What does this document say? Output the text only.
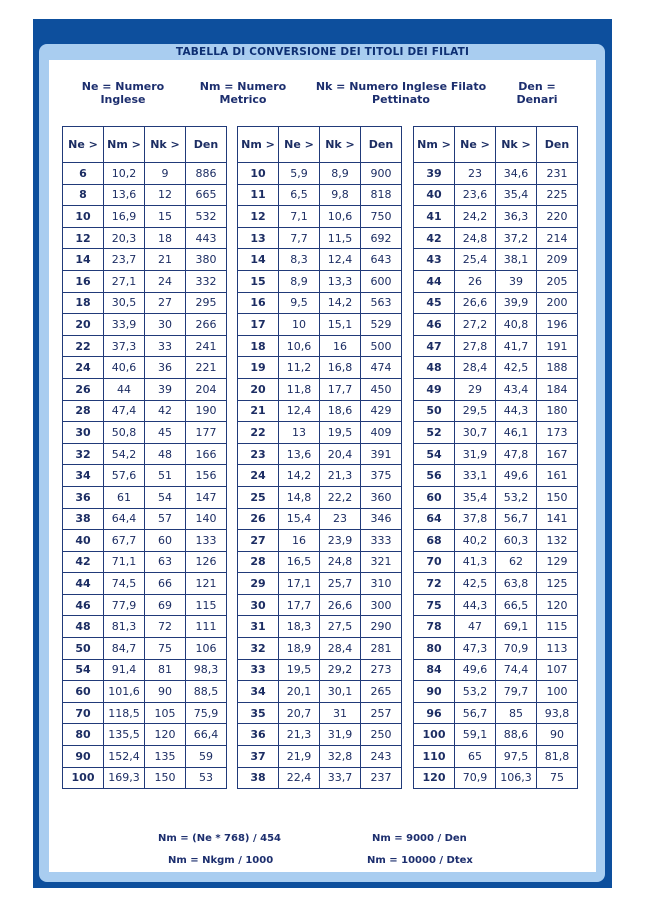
TABELLA DI CONVERSIONE DEI TITOLI DEI FILATI
Ne = Numero
Inglese
Nm = Numero
Metrico
Nk = Numero Inglese Filato
Pettinato
Den =
Denari
Ne >	Nm >	Nk >	Den
6	10,2	9	886
8	13,6	12	665
10	16,9	15	532
12	20,3	18	443
14	23,7	21	380
16	27,1	24	332
18	30,5	27	295
20	33,9	30	266
22	37,3	33	241
24	40,6	36	221
26	44	39	204
28	47,4	42	190
30	50,8	45	177
32	54,2	48	166
34	57,6	51	156
36	61	54	147
38	64,4	57	140
40	67,7	60	133
42	71,1	63	126
44	74,5	66	121
46	77,9	69	115
48	81,3	72	111
50	84,7	75	106
54	91,4	81	98,3
60	101,6	90	88,5
70	118,5	105	75,9
80	135,5	120	66,4
90	152,4	135	59
100	169,3	150	53
Nm >	Ne >	Nk >	Den
10	5,9	8,9	900
11	6,5	9,8	818
12	7,1	10,6	750
13	7,7	11,5	692
14	8,3	12,4	643
15	8,9	13,3	600
16	9,5	14,2	563
17	10	15,1	529
18	10,6	16	500
19	11,2	16,8	474
20	11,8	17,7	450
21	12,4	18,6	429
22	13	19,5	409
23	13,6	20,4	391
24	14,2	21,3	375
25	14,8	22,2	360
26	15,4	23	346
27	16	23,9	333
28	16,5	24,8	321
29	17,1	25,7	310
30	17,7	26,6	300
31	18,3	27,5	290
32	18,9	28,4	281
33	19,5	29,2	273
34	20,1	30,1	265
35	20,7	31	257
36	21,3	31,9	250
37	21,9	32,8	243
38	22,4	33,7	237
Nm >	Ne >	Nk >	Den
39	23	34,6	231
40	23,6	35,4	225
41	24,2	36,3	220
42	24,8	37,2	214
43	25,4	38,1	209
44	26	39	205
45	26,6	39,9	200
46	27,2	40,8	196
47	27,8	41,7	191
48	28,4	42,5	188
49	29	43,4	184
50	29,5	44,3	180
52	30,7	46,1	173
54	31,9	47,8	167
56	33,1	49,6	161
60	35,4	53,2	150
64	37,8	56,7	141
68	40,2	60,3	132
70	41,3	62	129
72	42,5	63,8	125
75	44,3	66,5	120
78	47	69,1	115
80	47,3	70,9	113
84	49,6	74,4	107
90	53,2	79,7	100
96	56,7	85	93,8
100	59,1	88,6	90
110	65	97,5	81,8
120	70,9	106,3	75
Nm = (Ne * 768) / 454	Nm = 9000 / Den
Nm = Nkgm / 1000	Nm = 10000 / Dtex
